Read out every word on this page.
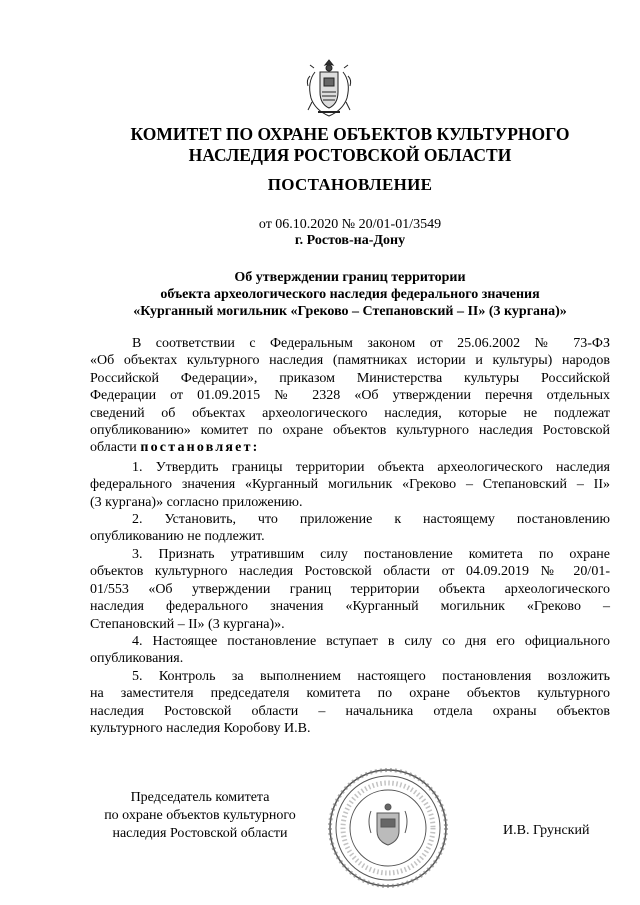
КОМИТЕТ ПО ОХРАНЕ ОБЪЕКТОВ КУЛЬТУРНОГО
НАСЛЕДИЯ РОСТОВСКОЙ ОБЛАСТИ
ПОСТАНОВЛЕНИЕ
от 06.10.2020 № 20/01-01/3549
г. Ростов-на-Дону
Об утверждении границ территории
объекта археологического наследия федерального значения
«Курганный могильник «Греково – Степановский – II» (3 кургана)»
В соответствии с Федеральным законом от 25.06.2002 № 73-ФЗ
«Об объектах культурного наследия (памятниках истории и культуры) народов
Российской Федерации», приказом Министерства культуры Российской
Федерации от 01.09.2015 № 2328 «Об утверждении перечня отдельных
сведений об объектах археологического наследия, которые не подлежат
опубликованию» комитет по охране объектов культурного наследия Ростовской
области постановляет:
1. Утвердить границы территории объекта археологического наследия
федерального значения «Курганный могильник «Греково – Степановский – II»
(3 кургана)» согласно приложению.
2. Установить, что приложение к настоящему постановлению
опубликованию не подлежит.
3. Признать утратившим силу постановление комитета по охране
объектов культурного наследия Ростовской области от 04.09.2019 № 20/01-
01/553 «Об утверждении границ территории объекта археологического
наследия федерального значения «Курганный могильник «Греково –
Степановский – II» (3 кургана)».
4. Настоящее постановление вступает в силу со дня его официального
опубликования.
5. Контроль за выполнением настоящего постановления возложить
на заместителя председателя комитета по охране объектов культурного
наследия Ростовской области – начальника отдела охраны объектов
культурного наследия Коробову И.В.
Председатель комитета
по охране объектов культурного
наследия Ростовской области	И.В. Грунский
